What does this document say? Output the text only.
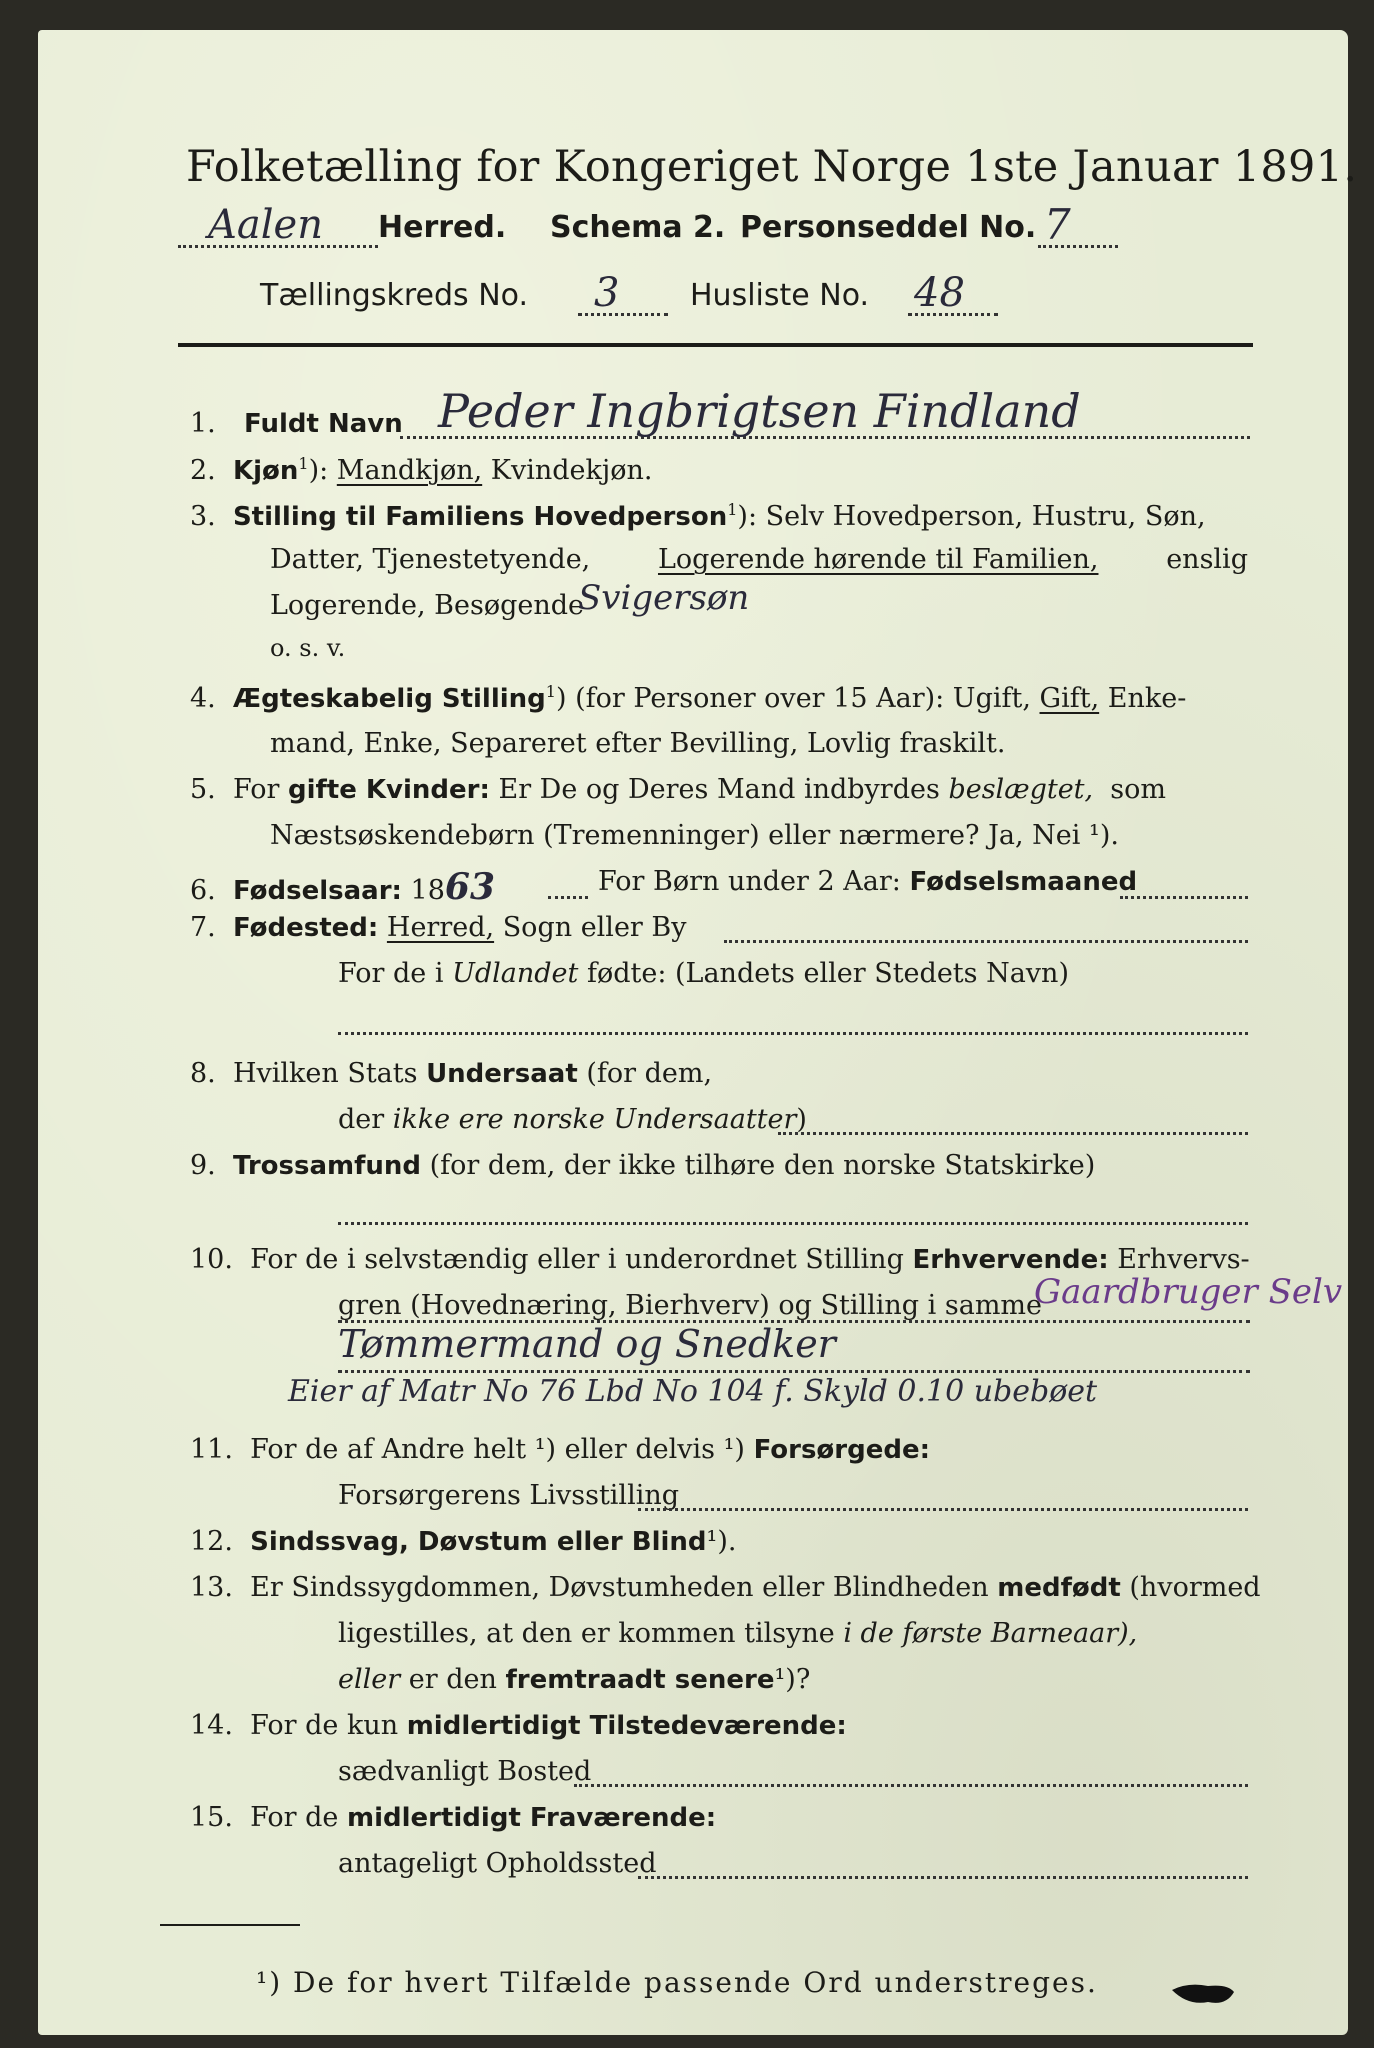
Folketælling for Kongeriget Norge 1ste Januar 1891.
Aalen Herred. Schema 2. Personseddel No. 7
Tællingskreds No. 3 Husliste No. 48
1. Fuldt Navn Peder Ingbrigtsen Findland
2. Kjøn$^1$): Mandkjøn, Kvindekjøn.
3. Stilling til Familiens Hovedperson$^1$): Selv Hovedperson, Hustru, Søn,
Datter, Tjenestetyende,	Logerende hørende til Familien,	enslig
Logerende, Besøgende
Svigersøn
o. s. v.
4. Ægteskabelig Stilling$^1$) (for Personer over 15 Aar): Ugift, Gift, Enke-
mand, Enke, Separeret efter Bevilling, Lovlig fraskilt.
5. For gifte Kvinder: Er De og Deres Mand indbyrdes beslægtet, som
Næstsøskendebørn (Tremenninger) eller nærmere? Ja, Nei ¹).
6. Fødselsaar: 1863	For Børn under 2 Aar: Fødselsmaaned
7. Fødested: Herred, Sogn eller By
For de i Udlandet fødte: (Landets eller Stedets Navn)
8. Hvilken Stats Undersaat (for dem,
der ikke ere norske Undersaatter)
9. Trossamfund (for dem, der ikke tilhøre den norske Statskirke)
10. For de i selvstændig eller i underordnet Stilling Erhvervende: Erhvervs-
gren (Hovednæring, Bierhverv) og Stilling i samme
Gaardbruger Selv
Tømmermand og Snedker
Eier af Matr No 76 Lbd No 104 f. Skyld 0.10 ubebøet
11. For de af Andre helt ¹) eller delvis ¹) Forsørgede:
Forsørgerens Livsstilling
12. Sindssvag, Døvstum eller Blind¹).
13. Er Sindssygdommen, Døvstumheden eller Blindheden medfødt (hvormed
ligestilles, at den er kommen tilsyne i de første Barneaar),
eller er den fremtraadt senere¹)?
14. For de kun midlertidigt Tilstedeværende:
sædvanligt Bosted
15. For de midlertidigt Fraværende:
antageligt Opholdssted
¹) De for hvert Tilfælde passende Ord understreges.
